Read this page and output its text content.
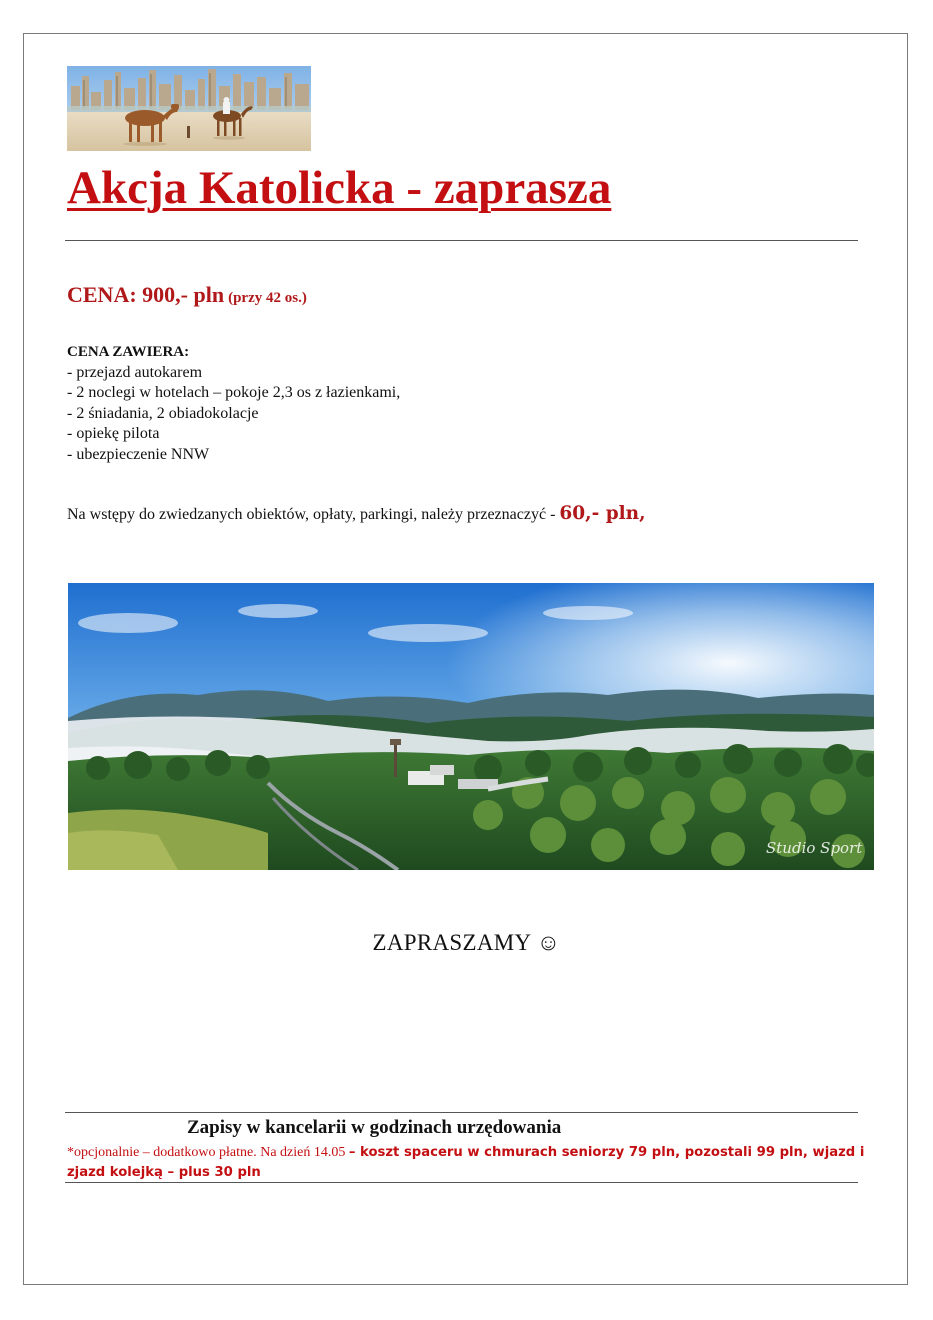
Akcja Katolicka - zaprasza
CENA: 900,- pln (przy 42 os.)
CENA ZAWIERA:
- przejazd autokarem
- 2 noclegi w hotelach – pokoje 2,3 os z łazienkami,
- 2 śniadania, 2 obiadokolacje
- opiekę pilota
- ubezpieczenie NNW
Na wstępy do zwiedzanych obiektów, opłaty, parkingi, należy przeznaczyć - 60,- pln,
Studio Sport
ZAPRASZAMY ☺
Zapisy w kancelarii w godzinach urzędowania
*opcjonalnie – dodatkowo płatne. Na dzień 14.05 – koszt spaceru w chmurach seniorzy 79 pln, pozostali 99 pln, wjazd i zjazd kolejką – plus 30 pln
